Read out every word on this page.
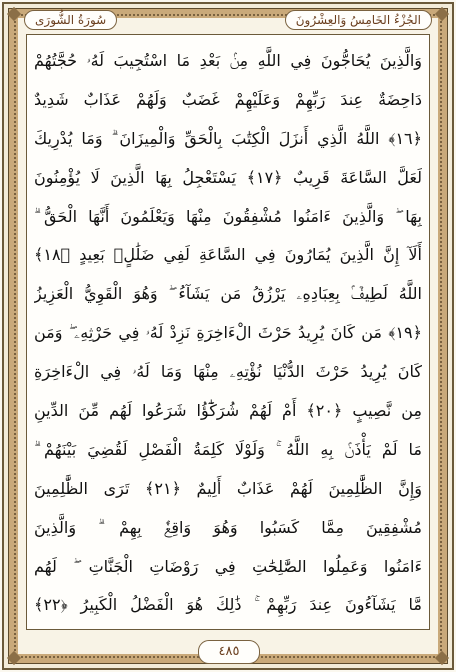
الجُزْءُ الخَامِسُ وَالعِشْرُونَ
سُورَةُ الشُّورَى
وَالَّذِينَ يُحَاجُّونَ فِي اللَّهِ مِنۢ بَعْدِ مَا اسْتُجِيبَ لَهُۥ حُجَّتُهُمْ
دَاحِضَةٌ عِندَ رَبِّهِمْ وَعَلَيْهِمْ غَضَبٌ وَلَهُمْ عَذَابٌ شَدِيدٌ
﴿١٦﴾ اللَّهُ الَّذِي أَنزَلَ الْكِتَٰبَ بِالْحَقِّ وَالْمِيزَانَ ۗ وَمَا يُدْرِيكَ
لَعَلَّ السَّاعَةَ قَرِيبٌ ﴿١٧﴾ يَسْتَعْجِلُ بِهَا الَّذِينَ لَا يُؤْمِنُونَ
بِهَا ۖ وَالَّذِينَ ءَامَنُوا مُشْفِقُونَ مِنْهَا وَيَعْلَمُونَ أَنَّهَا الْحَقُّ ۗ
أَلَآ إِنَّ الَّذِينَ يُمَارُونَ فِي السَّاعَةِ لَفِي ضَلَٰلٍۭ بَعِيدٍ ﴿١٨﴾
اللَّهُ لَطِيفٌۢ بِعِبَادِهِۦ يَرْزُقُ مَن يَشَآءُ ۖ وَهُوَ الْقَوِيُّ الْعَزِيزُ
﴿١٩﴾ مَن كَانَ يُرِيدُ حَرْثَ الْءَاخِرَةِ نَزِدْ لَهُۥ فِي حَرْثِهِۦ ۖ وَمَن
كَانَ يُرِيدُ حَرْثَ الدُّنْيَا نُؤْتِهِۦ مِنْهَا وَمَا لَهُۥ فِي الْءَاخِرَةِ
مِن نَّصِيبٍ ﴿٢٠﴾ أَمْ لَهُمْ شُرَكَٰٓؤُا شَرَعُوا لَهُم مِّنَ الدِّينِ
مَا لَمْ يَأْذَنۢ بِهِ اللَّهُ ۚ وَلَوْلَا كَلِمَةُ الْفَصْلِ لَقُضِيَ بَيْنَهُمْ ۗ
وَإِنَّ الظَّٰلِمِينَ لَهُمْ عَذَابٌ أَلِيمٌ ﴿٢١﴾ تَرَى الظَّٰلِمِينَ
مُشْفِقِينَ مِمَّا كَسَبُوا وَهُوَ وَاقِعٌۢ بِهِمْ ۗ وَالَّذِينَ
ءَامَنُوا وَعَمِلُوا الصَّٰلِحَٰتِ فِي رَوْضَاتِ الْجَنَّاتِ ۖ لَهُم
مَّا يَشَآءُونَ عِندَ رَبِّهِمْ ۚ ذَٰلِكَ هُوَ الْفَضْلُ الْكَبِيرُ ﴿٢٢﴾
٤٨٥
